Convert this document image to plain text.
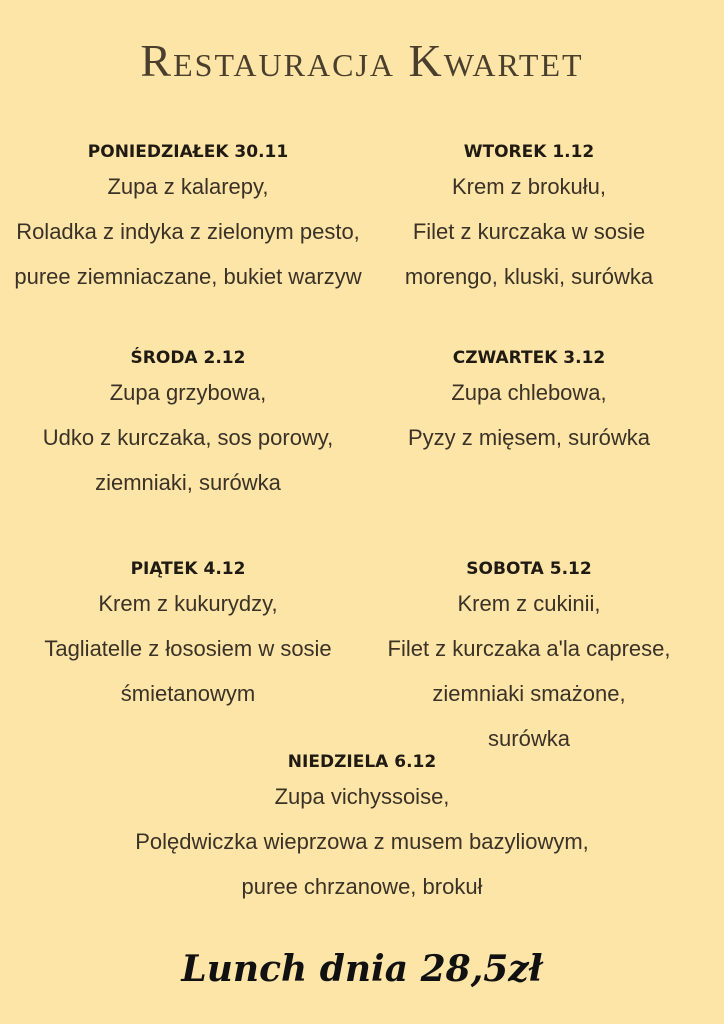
Restauracja Kwartet
PONIEDZIAŁEK 30.11
Zupa z kalarepy,
Roladka z indyka z zielonym pesto,
puree ziemniaczane, bukiet warzyw
WTOREK 1.12
Krem z brokułu,
Filet z kurczaka w sosie
morengo, kluski, surówka
ŚRODA 2.12
Zupa grzybowa,
Udko z kurczaka, sos porowy,
ziemniaki, surówka
CZWARTEK 3.12
Zupa chlebowa,
Pyzy z mięsem, surówka
PIĄTEK 4.12
Krem z kukurydzy,
Tagliatelle z łososiem w sosie
śmietanowym
SOBOTA 5.12
Krem z cukinii,
Filet z kurczaka a'la caprese,
ziemniaki smażone,
surówka
NIEDZIELA 6.12
Zupa vichyssoise,
Polędwiczka wieprzowa z musem bazyliowym,
puree chrzanowe, brokuł
Lunch dnia 28,5zł
